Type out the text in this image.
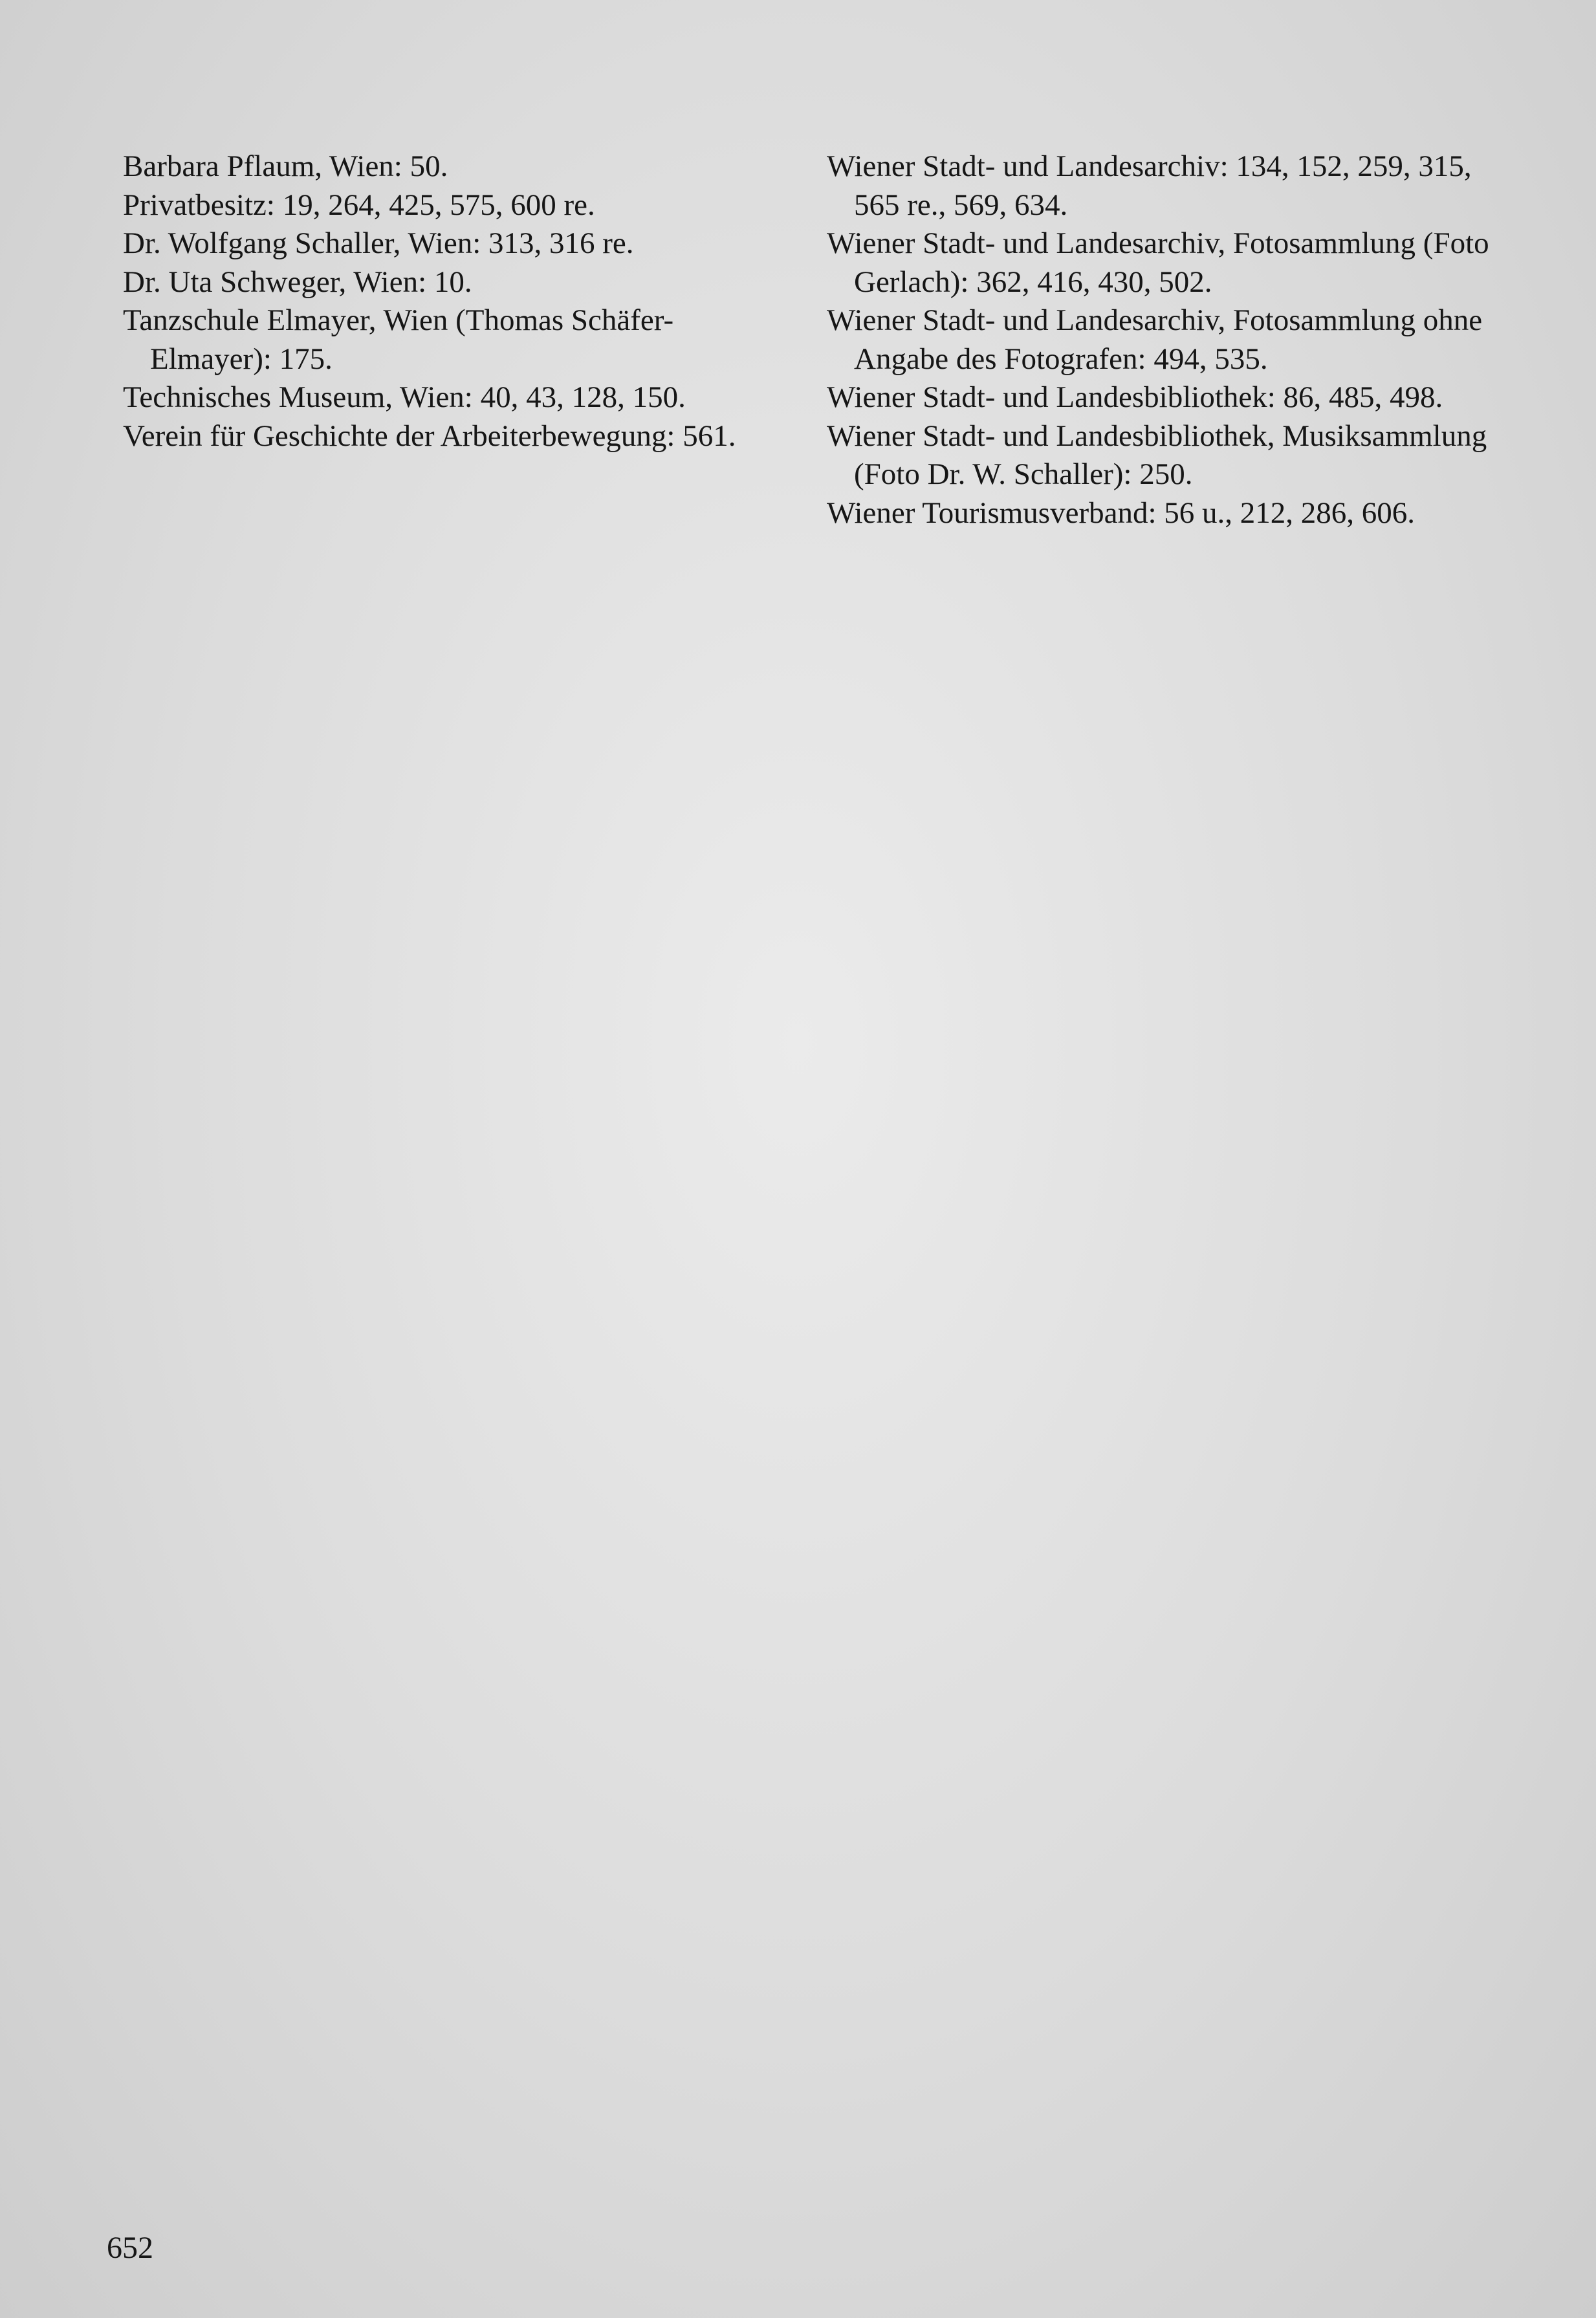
Barbara Pflaum, Wien: 50.

Privatbesitz: 19, 264, 425, 575, 600 re.

Dr. Wolfgang Schaller, Wien: 313, 316 re.

Dr. Uta Schweger, Wien: 10.

Tanzschule Elmayer, Wien (Thomas Schäfer-Elmayer): 175.

Technisches Museum, Wien: 40, 43, 128, 150.

Verein für Geschichte der Arbeiterbewegung: 561.

Wiener Stadt- und Landesarchiv: 134, 152, 259, 315, 565 re., 569, 634.

Wiener Stadt- und Landesarchiv, Fotosammlung (Foto Gerlach): 362, 416, 430, 502.

Wiener Stadt- und Landesarchiv, Fotosammlung ohne Angabe des Fotografen: 494, 535.

Wiener Stadt- und Landesbibliothek: 86, 485, 498.

Wiener Stadt- und Landesbibliothek, Musiksammlung (Foto Dr. W. Schaller): 250.

Wiener Tourismusverband: 56 u., 212, 286, 606.

652
